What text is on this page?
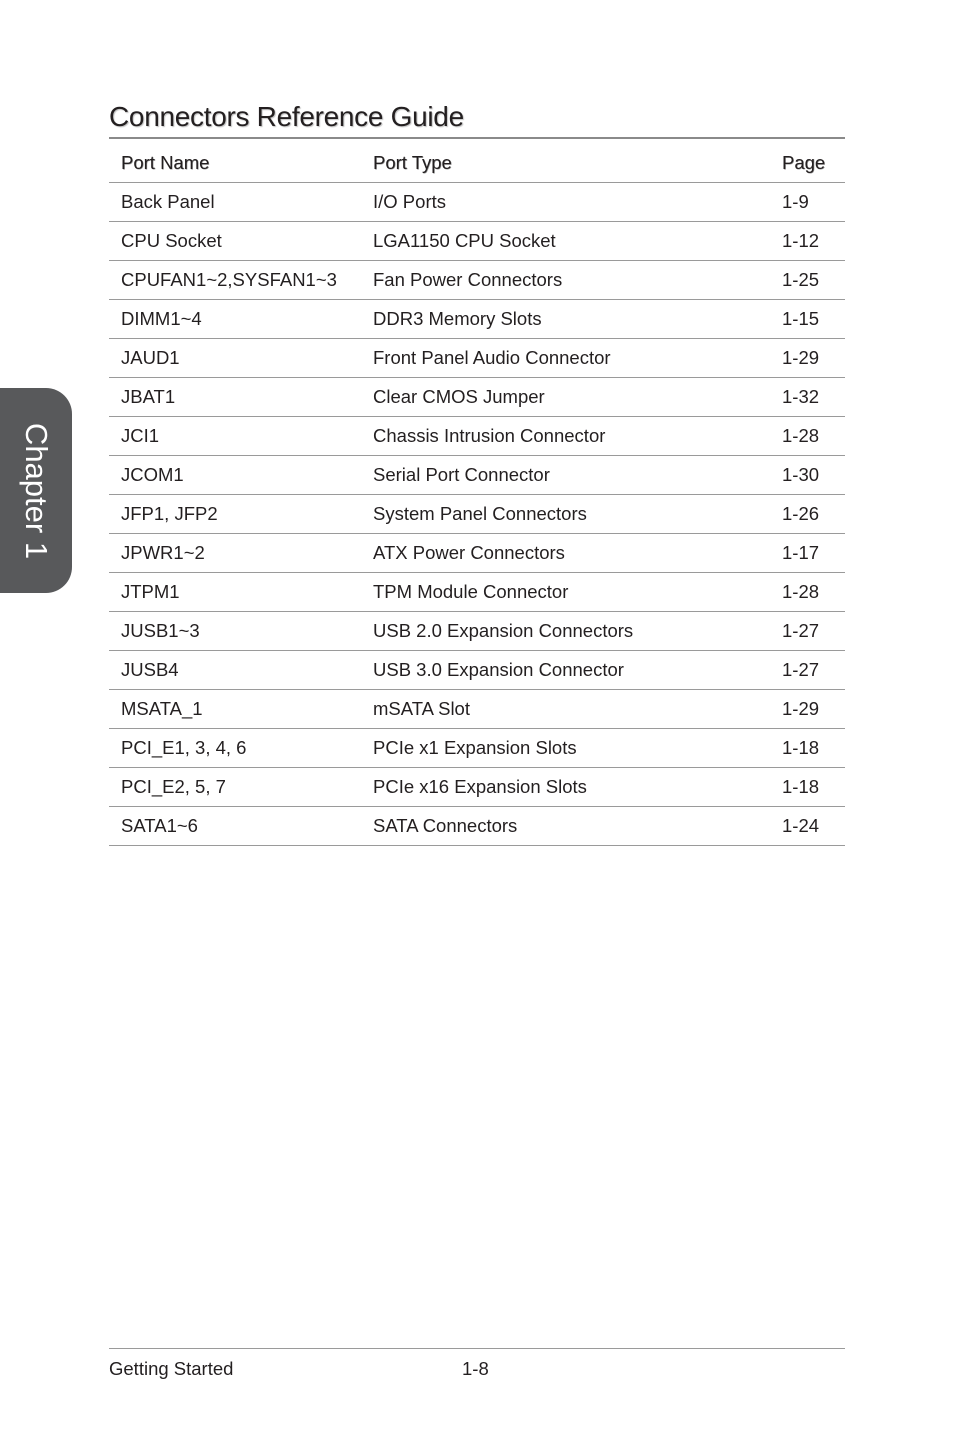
Chapter 1
Connectors Reference Guide
Port Name	Port Type	Page
Back Panel	I/O Ports	1-9
CPU Socket	LGA1150 CPU Socket	1-12
CPUFAN1~2,SYSFAN1~3	Fan Power Connectors	1-25
DIMM1~4	DDR3 Memory Slots	1-15
JAUD1	Front Panel Audio Connector	1-29
JBAT1	Clear CMOS Jumper	1-32
JCI1	Chassis Intrusion Connector	1-28
JCOM1	Serial Port Connector	1-30
JFP1, JFP2	System Panel Connectors	1-26
JPWR1~2	ATX Power Connectors	1-17
JTPM1	TPM Module Connector	1-28
JUSB1~3	USB 2.0 Expansion Connectors	1-27
JUSB4	USB 3.0 Expansion Connector	1-27
MSATA_1	mSATA Slot	1-29
PCI_E1, 3, 4, 6	PCIe x1 Expansion Slots	1-18
PCI_E2, 5, 7	PCIe x16 Expansion Slots	1-18
SATA1~6	SATA Connectors	1-24
Getting Started	1-8
